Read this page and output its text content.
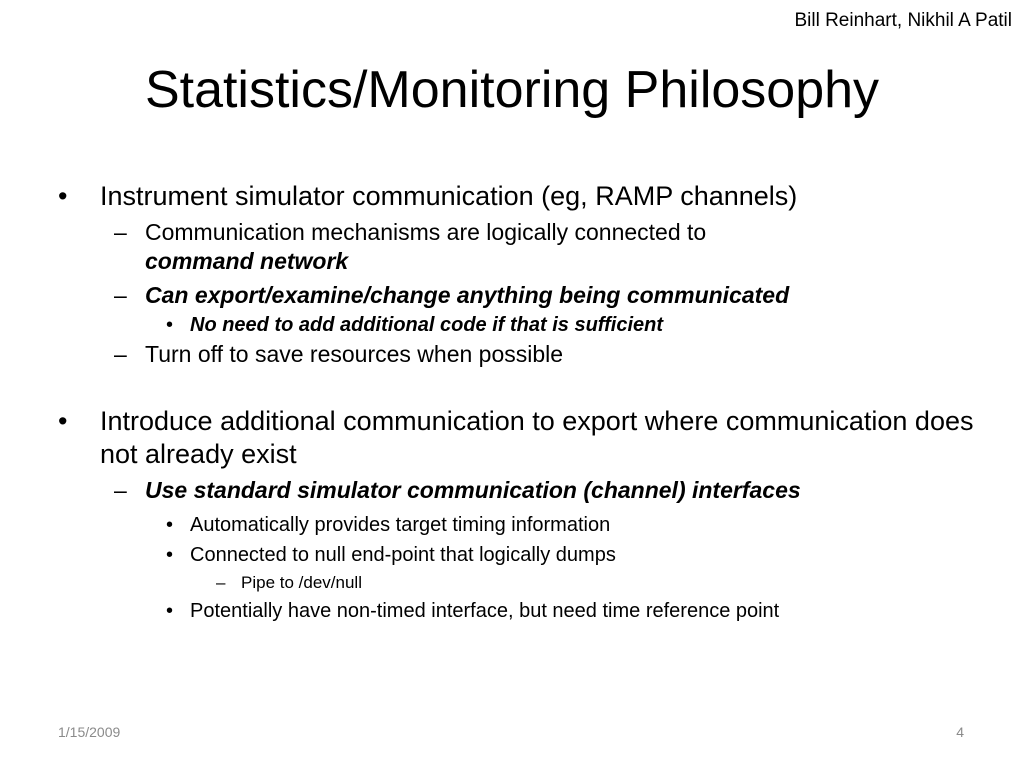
Bill Reinhart, Nikhil A Patil
Statistics/Monitoring Philosophy
•	Instrument simulator communication (eg, RAMP channels)
– Communication mechanisms are logically connected to
command network
– Can export/examine/change anything being communicated
• No need to add additional code if that is sufficient
– Turn off to save resources when possible
•	Introduce additional communication to export where communication does not already exist
– Use standard simulator communication (channel) interfaces
• Automatically provides target timing information
• Connected to null end-point that logically dumps
– Pipe to /dev/null
• Potentially have non-timed interface, but need time reference point
1/15/2009	4
